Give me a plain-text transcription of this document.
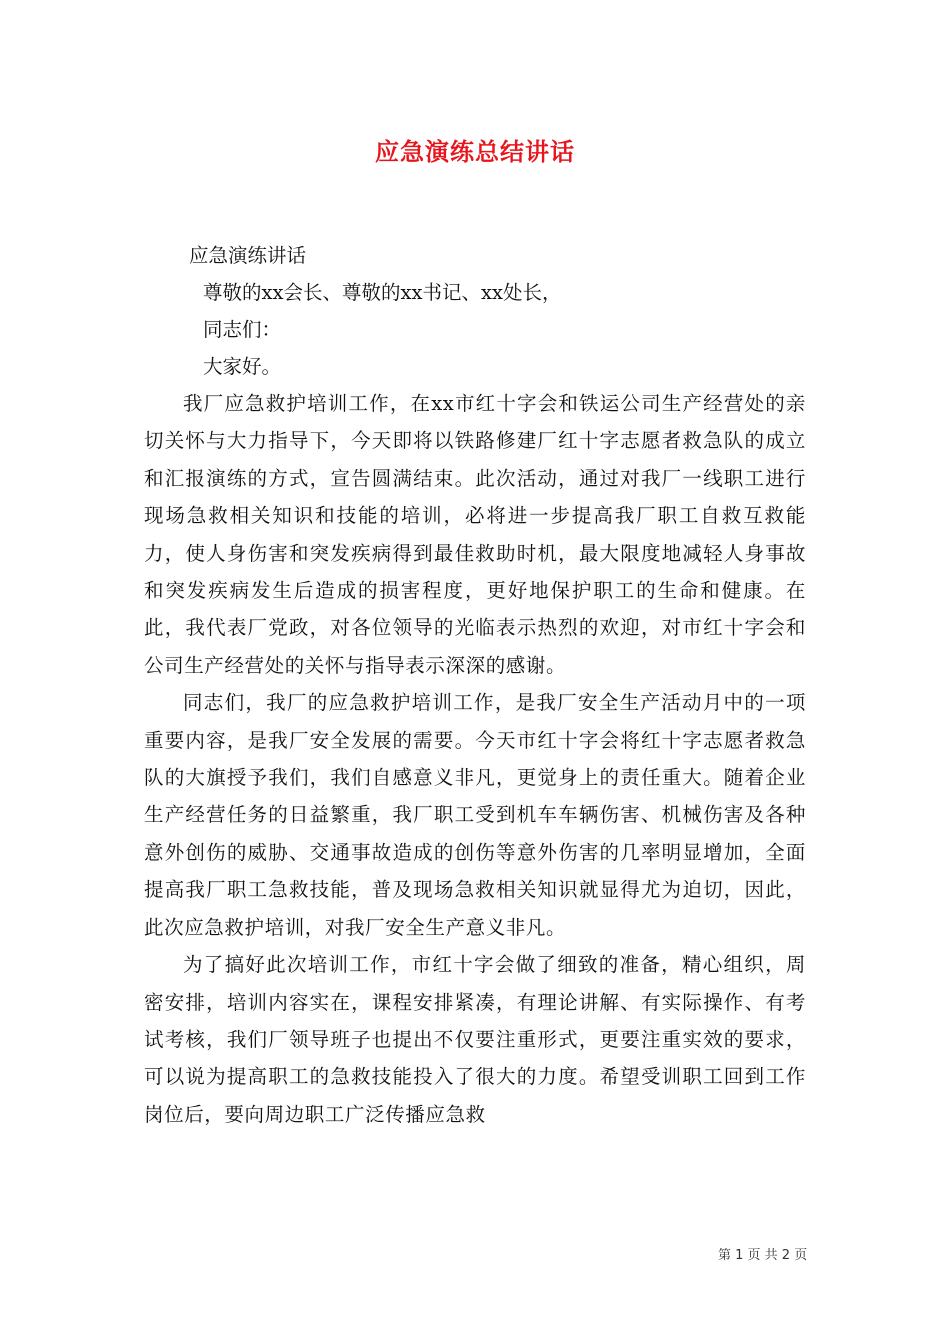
应急演练总结讲话
应急演练讲话
尊敬的xx会长、尊敬的xx书记、xx处长，
同志们：
大家好。

我厂应急救护培训工作，在xx市红十字会和铁运公司生产经营处的亲切关怀与大力指导下，今天即将以铁路修建厂红十字志愿者救急队的成立和汇报演练的方式，宣告圆满结束。此次活动，通过对我厂一线职工进行现场急救相关知识和技能的培训，必将进一步提高我厂职工自救互救能力，使人身伤害和突发疾病得到最佳救助时机，最大限度地减轻人身事故和突发疾病发生后造成的损害程度，更好地保护职工的生命和健康。在此，我代表厂党政，对各位领导的光临表示热烈的欢迎，对市红十字会和公司生产经营处的关怀与指导表示深深的感谢。

同志们，我厂的应急救护培训工作，是我厂安全生产活动月中的一项重要内容，是我厂安全发展的需要。今天市红十字会将红十字志愿者救急队的大旗授予我们，我们自感意义非凡，更觉身上的责任重大。随着企业生产经营任务的日益繁重，我厂职工受到机车车辆伤害、机械伤害及各种意外创伤的威胁、交通事故造成的创伤等意外伤害的几率明显增加，全面提高我厂职工急救技能，普及现场急救相关知识就显得尤为迫切，因此，此次应急救护培训，对我厂安全生产意义非凡。

为了搞好此次培训工作，市红十字会做了细致的准备，精心组织，周密安排，培训内容实在，课程安排紧凑，有理论讲解、有实际操作、有考试考核，我们厂领导班子也提出不仅要注重形式，更要注重实效的要求，可以说为提高职工的急救技能投入了很大的力度。希望受训职工回到工作岗位后，要向周边职工广泛传播应急救

第 1 页 共 2 页
